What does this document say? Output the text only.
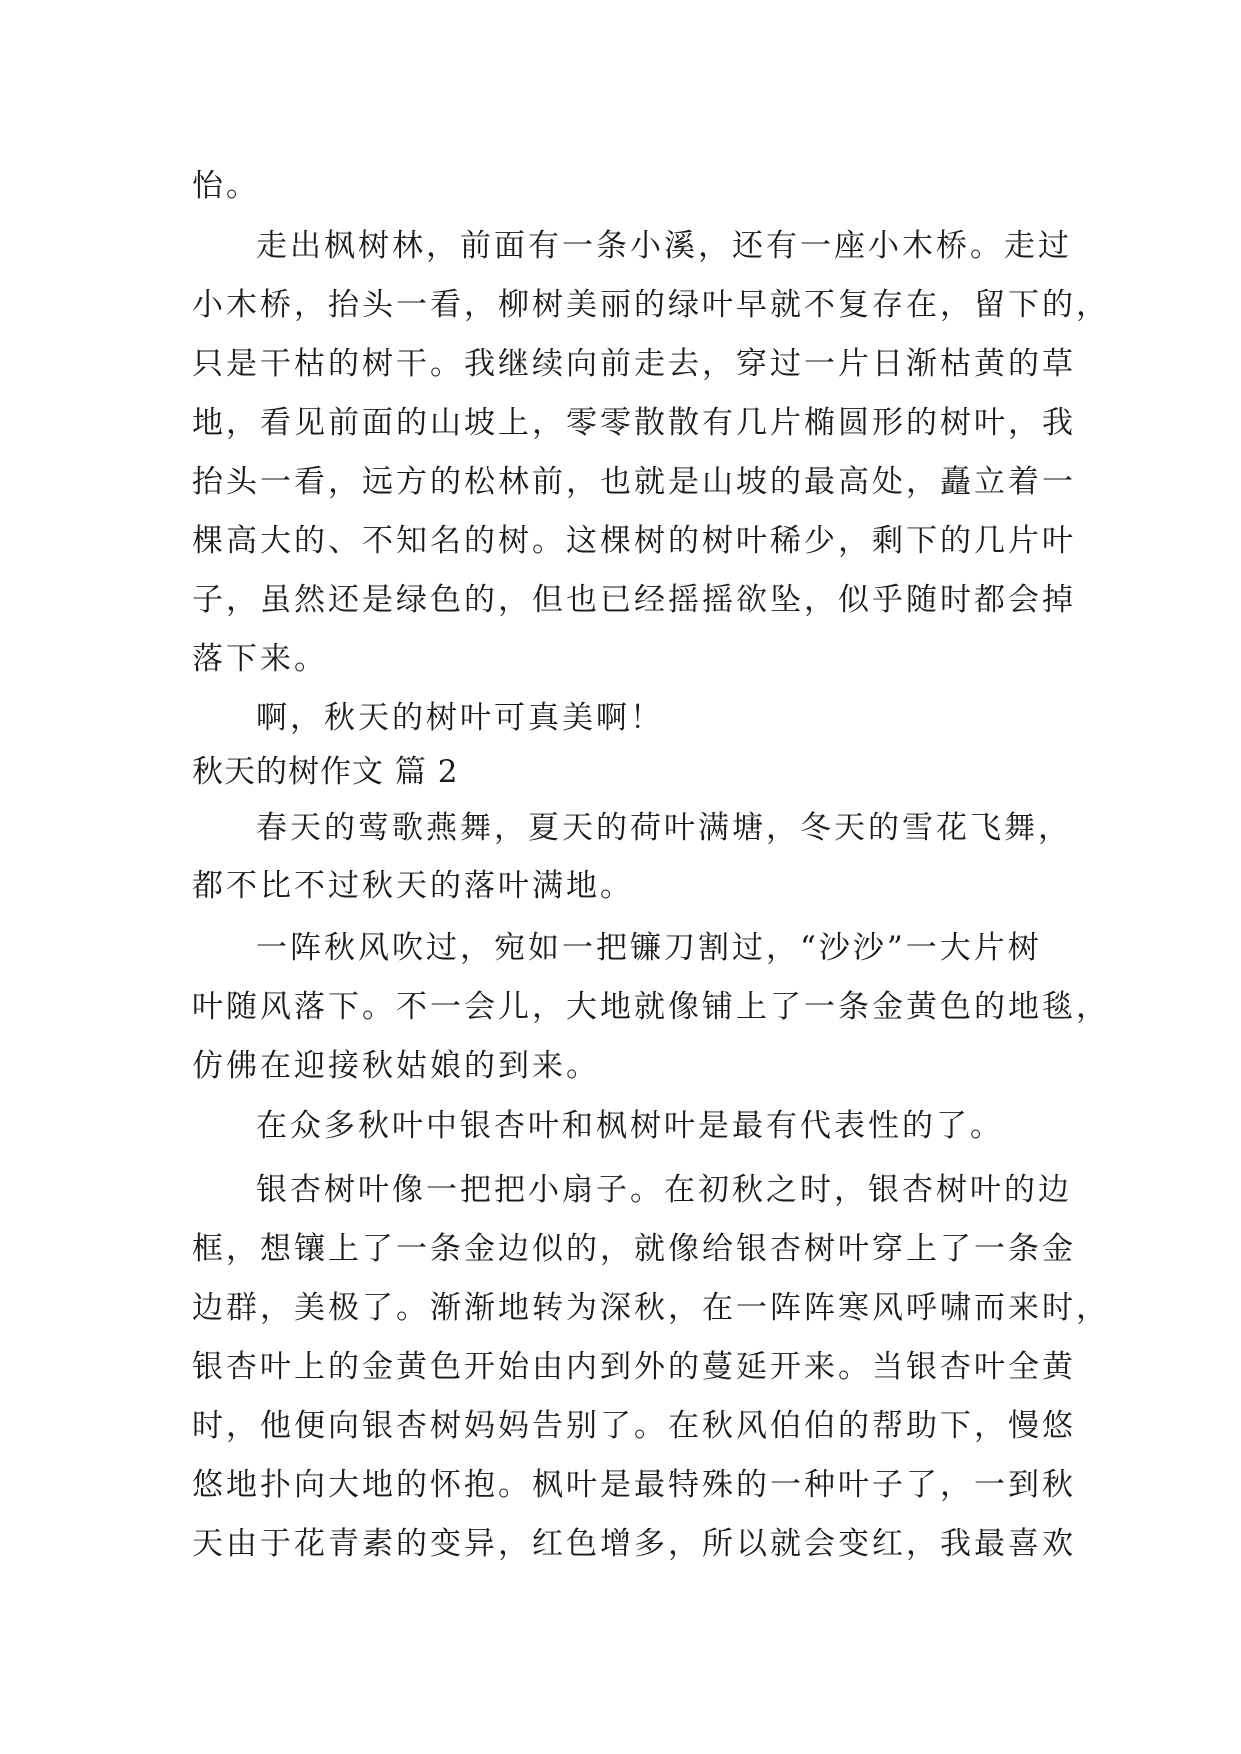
怡。
走出枫树林，前面有一条小溪，还有一座小木桥。走过
小木桥，抬头一看，柳树美丽的绿叶早就不复存在，留下的，
只是干枯的树干。我继续向前走去，穿过一片日渐枯黄的草
地，看见前面的山坡上，零零散散有几片椭圆形的树叶，我
抬头一看，远方的松林前，也就是山坡的最高处，矗立着一
棵高大的、不知名的树。这棵树的树叶稀少，剩下的几片叶
子，虽然还是绿色的，但也已经摇摇欲坠，似乎随时都会掉
落下来。
啊，秋天的树叶可真美啊！
秋天的树作文 篇 2
春天的莺歌燕舞，夏天的荷叶满塘，冬天的雪花飞舞，
都不比不过秋天的落叶满地。
一阵秋风吹过，宛如一把镰刀割过，“沙沙”一大片树
叶随风落下。不一会儿，大地就像铺上了一条金黄色的地毯，
仿佛在迎接秋姑娘的到来。
在众多秋叶中银杏叶和枫树叶是最有代表性的了。
银杏树叶像一把把小扇子。在初秋之时，银杏树叶的边
框，想镶上了一条金边似的，就像给银杏树叶穿上了一条金
边群，美极了。渐渐地转为深秋，在一阵阵寒风呼啸而来时，
银杏叶上的金黄色开始由内到外的蔓延开来。当银杏叶全黄
时，他便向银杏树妈妈告别了。在秋风伯伯的帮助下，慢悠
悠地扑向大地的怀抱。枫叶是最特殊的一种叶子了，一到秋
天由于花青素的变异，红色增多，所以就会变红，我最喜欢
